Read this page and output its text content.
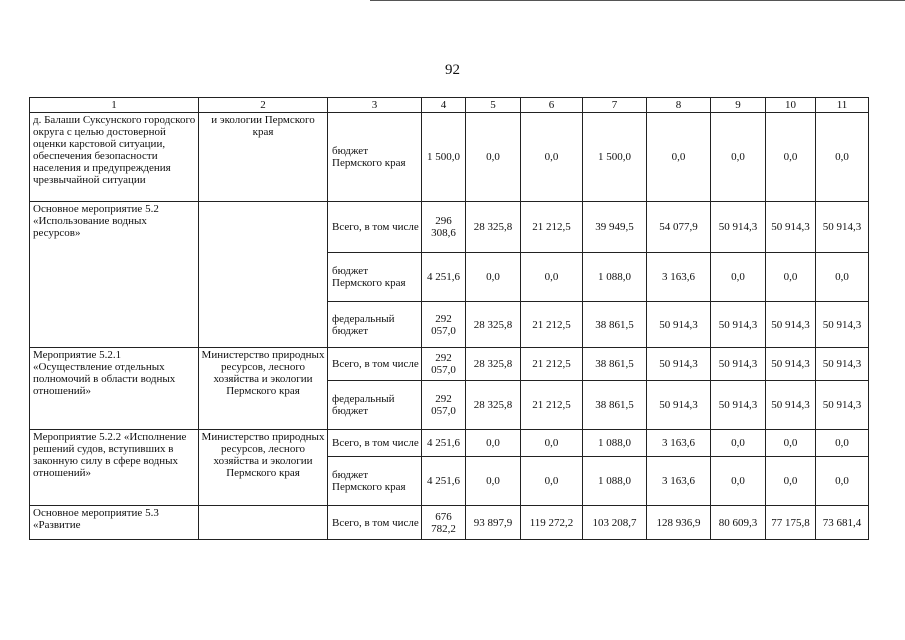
92
1	2	3	4	5	6	7	8	9	10	11
д. Балаши Суксунского городского округа с целью достоверной оценки карстовой ситуации, обеспечения безопасности населения и предупреждения чрезвычайной ситуации	и экологии Пермского края	бюджет Пермского края	1 500,0	0,0	0,0	1 500,0	0,0	0,0	0,0	0,0
Основное мероприятие 5.2 «Использование водных ресурсов»		Всего, в том числе	296 308,6	28 325,8	21 212,5	39 949,5	54 077,9	50 914,3	50 914,3	50 914,3
		бюджет Пермского края	4 251,6	0,0	0,0	1 088,0	3 163,6	0,0	0,0	0,0
		федеральный бюджет	292 057,0	28 325,8	21 212,5	38 861,5	50 914,3	50 914,3	50 914,3	50 914,3
Мероприятие 5.2.1 «Осуществление отдельных полномочий в области водных отношений»	Министерство природных ресурсов, лесного хозяйства и экологии Пермского края	Всего, в том числе	292 057,0	28 325,8	21 212,5	38 861,5	50 914,3	50 914,3	50 914,3	50 914,3
		федеральный бюджет	292 057,0	28 325,8	21 212,5	38 861,5	50 914,3	50 914,3	50 914,3	50 914,3
Мероприятие 5.2.2 «Исполнение решений судов, вступивших в законную силу в сфере водных отношений»	Министерство природных ресурсов, лесного хозяйства и экологии Пермского края	Всего, в том числе	4 251,6	0,0	0,0	1 088,0	3 163,6	0,0	0,0	0,0
		бюджет Пермского края	4 251,6	0,0	0,0	1 088,0	3 163,6	0,0	0,0	0,0
Основное мероприятие 5.3 «Развитие		Всего, в том числе	676 782,2	93 897,9	119 272,2	103 208,7	128 936,9	80 609,3	77 175,8	73 681,4
